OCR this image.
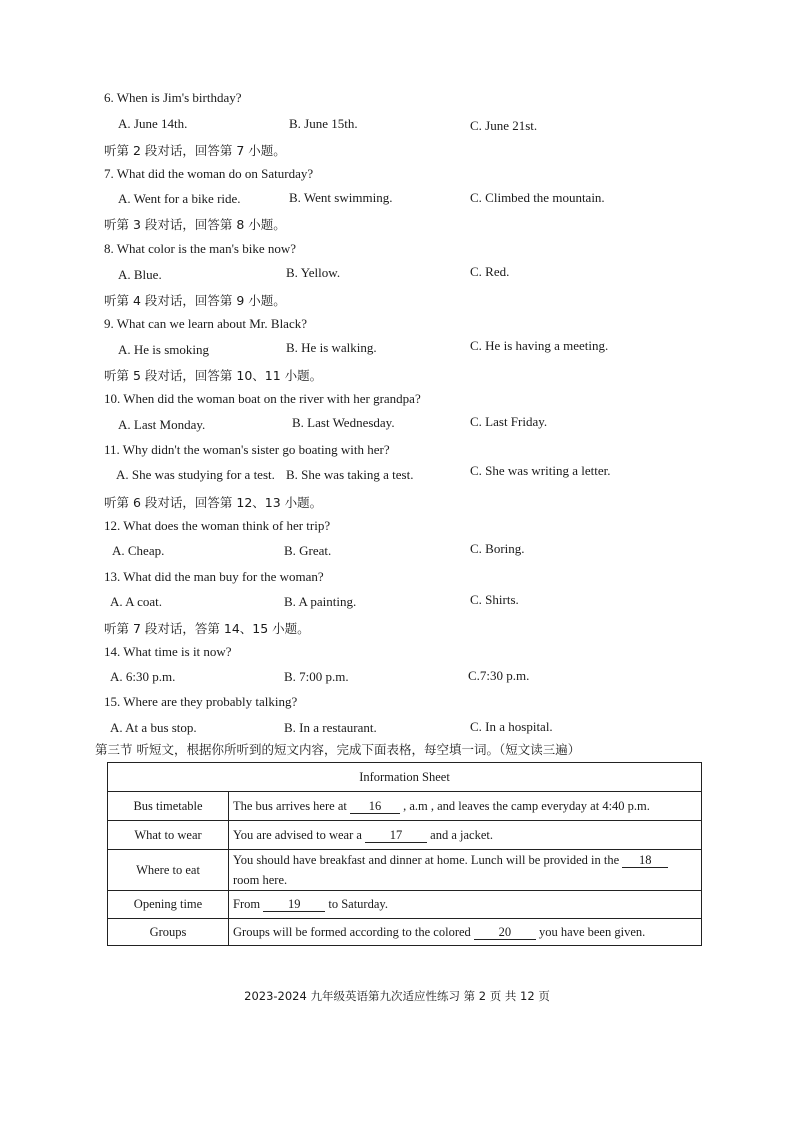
6. When is Jim's birthday?
A. June 14th.	B. June 15th.	C. June 21st.
听第 2 段对话，回答第 7 小题。
7. What did the woman do on Saturday?
A. Went for a bike ride.	B. Went swimming.	C. Climbed the mountain.
听第 3 段对话，回答第 8 小题。
8. What color is the man's bike now?
A. Blue.	B. Yellow.	C. Red.
听第 4 段对话，回答第 9 小题。
9. What can we learn about Mr. Black?
A. He is smoking	B. He is walking.	C. He is having a meeting.
听第 5 段对话，回答第 10、11 小题。
10. When did the woman boat on the river with her grandpa?
A. Last Monday.	B. Last Wednesday.	C. Last Friday.
11. Why didn't the woman's sister go boating with her?
A. She was studying for a test. B. She was taking a test.	C. She was writing a letter.
听第 6 段对话，回答第 12、13 小题。
12. What does the woman think of her trip?
A. Cheap.	B. Great.	C. Boring.
13. What did the man buy for the woman?
A. A coat.	B. A painting.	C. Shirts.
听第 7 段对话，答第 14、15 小题。
14. What time is it now?
A. 6:30 p.m.	B. 7:00 p.m.	C.7:30 p.m.
15. Where are they probably talking?
A. At a bus stop.	B. In a restaurant.	C. In a hospital.
第三节 听短文，根据你所听到的短文内容，完成下面表格，每空填一词。（短文读三遍）
Information Sheet	
Bus timetable	The bus arrives here at 16 , a.m , and leaves the camp everyday at 4:40 p.m.
What to wear	You are advised to wear a 17 and a jacket.
Where to eat	You should have breakfast and dinner at home. Lunch will be provided in the 18 room here.
Opening time	From 19 to Saturday.
Groups	Groups will be formed according to the colored 20 you have been given.
2023-2024 九年级英语第九次适应性练习 第 2 页 共 12 页
